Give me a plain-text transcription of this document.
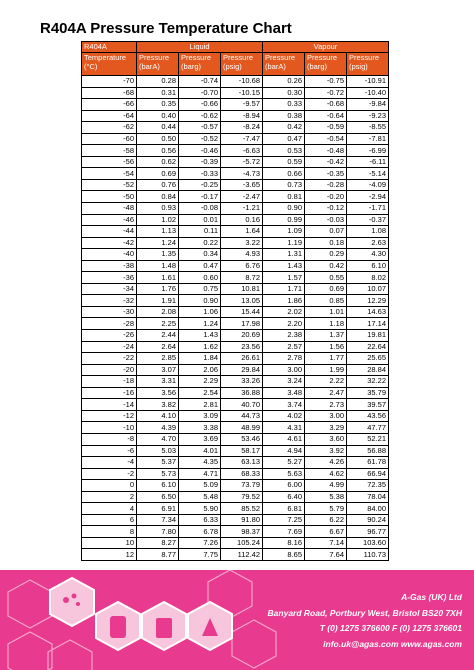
R404A Pressure Temperature Chart
R404A	Liquid			Vapour		
Temperature (°C)	Pressure (barA)	Pressure (barg)	Pressure (psig)	Pressure (barA)	Pressure (barg)	Pressure (psig)
-70	0.28	-0.74	-10.68	0.26	-0.75	-10.91
-68	0.31	-0.70	-10.15	0.30	-0.72	-10.40
-66	0.35	-0.66	-9.57	0.33	-0.68	-9.84
-64	0.40	-0.62	-8.94	0.38	-0.64	-9.23
-62	0.44	-0.57	-8.24	0.42	-0.59	-8.55
-60	0.50	-0.52	-7.47	0.47	-0.54	-7.81
-58	0.56	-0.46	-6.63	0.53	-0.48	-6.99
-56	0.62	-0.39	-5.72	0.59	-0.42	-6.11
-54	0.69	-0.33	-4.73	0.66	-0.35	-5.14
-52	0.76	-0.25	-3.65	0.73	-0.28	-4.09
-50	0.84	-0.17	-2.47	0.81	-0.20	-2.94
-48	0.93	-0.08	-1.21	0.90	-0.12	-1.71
-46	1.02	0.01	0.16	0.99	-0.03	-0.37
-44	1.13	0.11	1.64	1.09	0.07	1.08
-42	1.24	0.22	3.22	1.19	0.18	2.63
-40	1.35	0.34	4.93	1.31	0.29	4.30
-38	1.48	0.47	6.76	1.43	0.42	6.10
-36	1.61	0.60	8.72	1.57	0.55	8.02
-34	1.76	0.75	10.81	1.71	0.69	10.07
-32	1.91	0.90	13.05	1.86	0.85	12.29
-30	2.08	1.06	15.44	2.02	1.01	14.63
-28	2.25	1.24	17.98	2.20	1.18	17.14
-26	2.44	1.43	20.69	2.38	1.37	19.81
-24	2.64	1.62	23.56	2.57	1.56	22.64
-22	2.85	1.84	26.61	2.78	1.77	25.65
-20	3.07	2.06	29.84	3.00	1.99	28.84
-18	3.31	2.29	33.26	3.24	2.22	32.22
-16	3.56	2.54	36.88	3.48	2.47	35.79
-14	3.82	2.81	40.70	3.74	2.73	39.57
-12	4.10	3.09	44.73	4.02	3.00	43.56
-10	4.39	3.38	48.99	4.31	3.29	47.77
-8	4.70	3.69	53.46	4.61	3.60	52.21
-6	5.03	4.01	58.17	4.94	3.92	56.88
-4	5.37	4.35	63.13	5.27	4.26	61.78
-2	5.73	4.71	68.33	5.63	4.62	66.94
0	6.10	5.09	73.79	6.00	4.99	72.35
2	6.50	5.48	79.52	6.40	5.38	78.04
4	6.91	5.90	85.52	6.81	5.79	84.00
6	7.34	6.33	91.80	7.25	6.22	90.24
8	7.80	6.78	98.37	7.69	6.67	96.77
10	8.27	7.26	105.24	8.16	7.14	103.60
12	8.77	7.75	112.42	8.65	7.64	110.73
A-Gas (UK) Ltd
Banyard Road, Portbury West, Bristol BS20 7XH
T (0) 1275 376600 F (0) 1275 376601
info.uk@agas.com www.agas.com
